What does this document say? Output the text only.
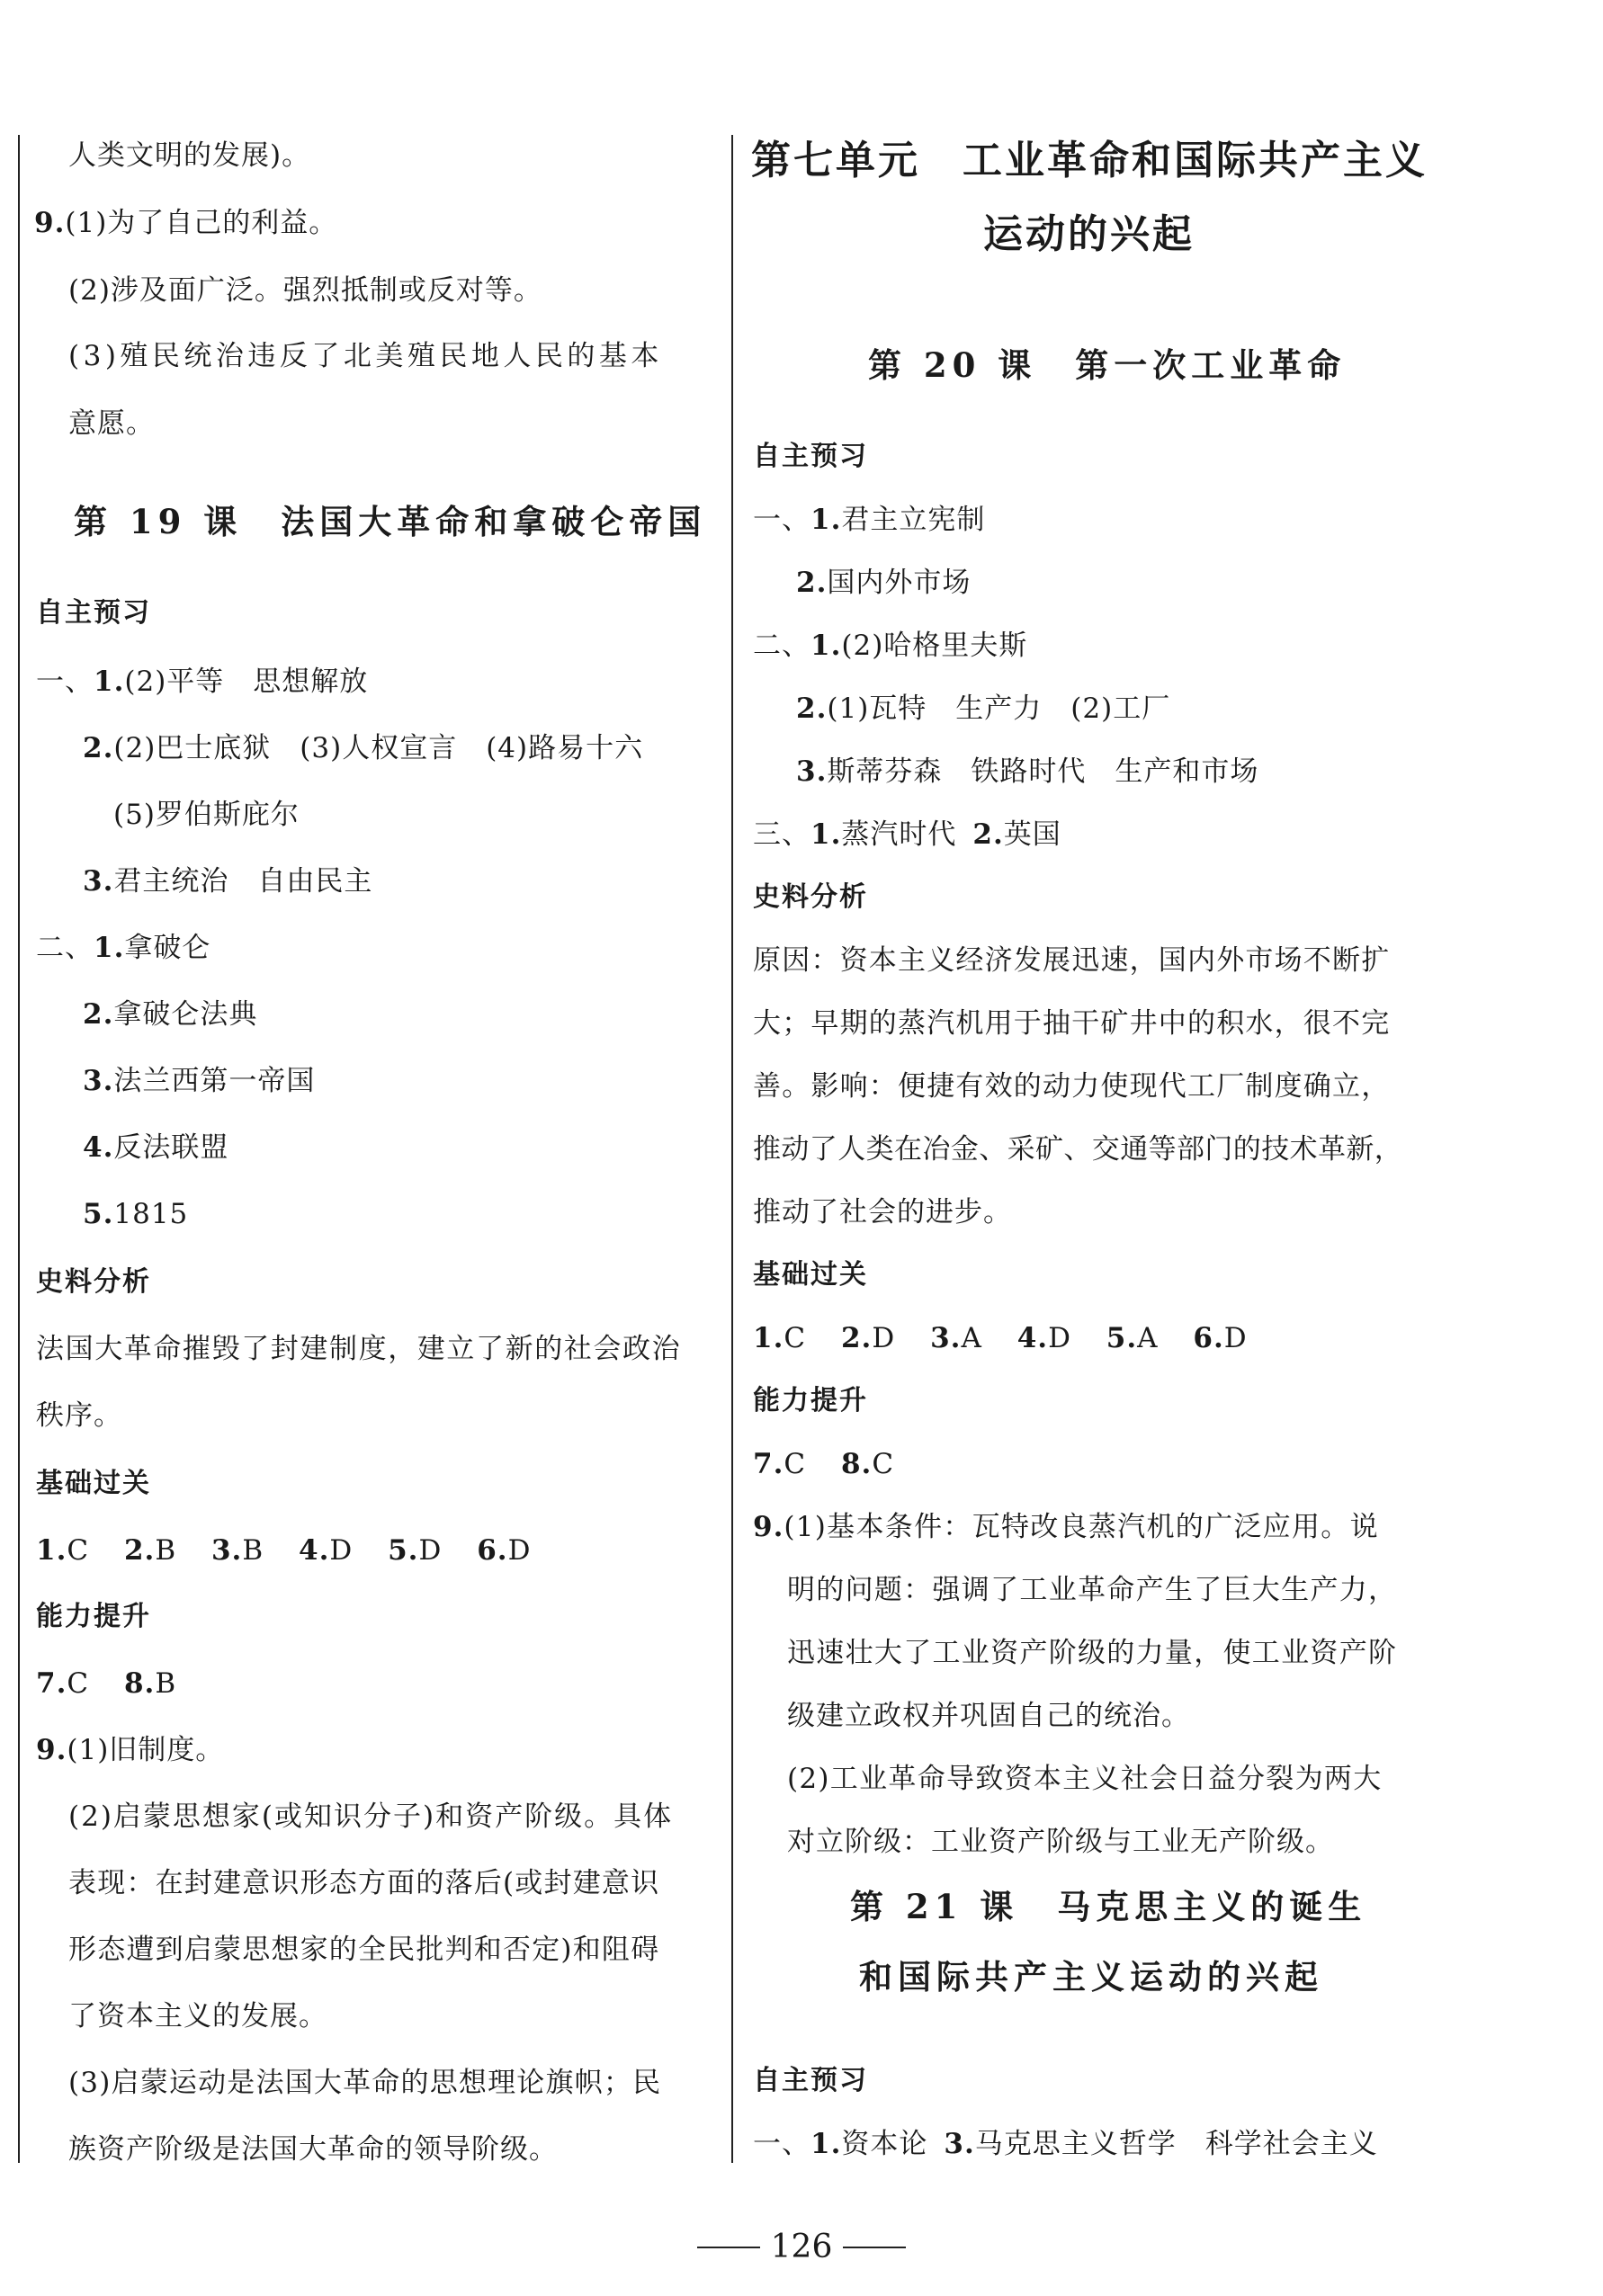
人类文明的发展)。
9.(1)为了自己的利益。
(2)涉及面广泛。强烈抵制或反对等。
(3)殖民统治违反了北美殖民地人民的基本
意愿。
第 19 课　法国大革命和拿破仑帝国
自主预习
一、1.(2)平等　思想解放
2.(2)巴士底狱　(3)人权宣言　(4)路易十六
(5)罗伯斯庇尔
3.君主统治　自由民主
二、1.拿破仑
2.拿破仑法典
3.法兰西第一帝国
4.反法联盟
5.1815
史料分析
法国大革命摧毁了封建制度，建立了新的社会政治
秩序。
基础过关
1.C 2.B 3.B 4.D 5.D 6.D
能力提升
7.C 8.B
9.(1)旧制度。
(2)启蒙思想家(或知识分子)和资产阶级。具体
表现：在封建意识形态方面的落后(或封建意识
形态遭到启蒙思想家的全民批判和否定)和阻碍
了资本主义的发展。
(3)启蒙运动是法国大革命的思想理论旗帜；民
族资产阶级是法国大革命的领导阶级。
第七单元　工业革命和国际共产主义
运动的兴起
第 20 课　第一次工业革命
自主预习
一、1.君主立宪制
2.国内外市场
二、1.(2)哈格里夫斯
2.(1)瓦特　生产力　(2)工厂
3.斯蒂芬森　铁路时代　生产和市场
三、1.蒸汽时代 2.英国
史料分析
原因：资本主义经济发展迅速，国内外市场不断扩
大；早期的蒸汽机用于抽干矿井中的积水，很不完
善。影响：便捷有效的动力使现代工厂制度确立，
推动了人类在冶金、采矿、交通等部门的技术革新，
推动了社会的进步。
基础过关
1.C 2.D 3.A 4.D 5.A 6.D
能力提升
7.C 8.C
9.(1)基本条件：瓦特改良蒸汽机的广泛应用。说
明的问题：强调了工业革命产生了巨大生产力，
迅速壮大了工业资产阶级的力量，使工业资产阶
级建立政权并巩固自己的统治。
(2)工业革命导致资本主义社会日益分裂为两大
对立阶级：工业资产阶级与工业无产阶级。
第 21 课　马克思主义的诞生
和国际共产主义运动的兴起
自主预习
一、1.资本论 3.马克思主义哲学　科学社会主义
126
